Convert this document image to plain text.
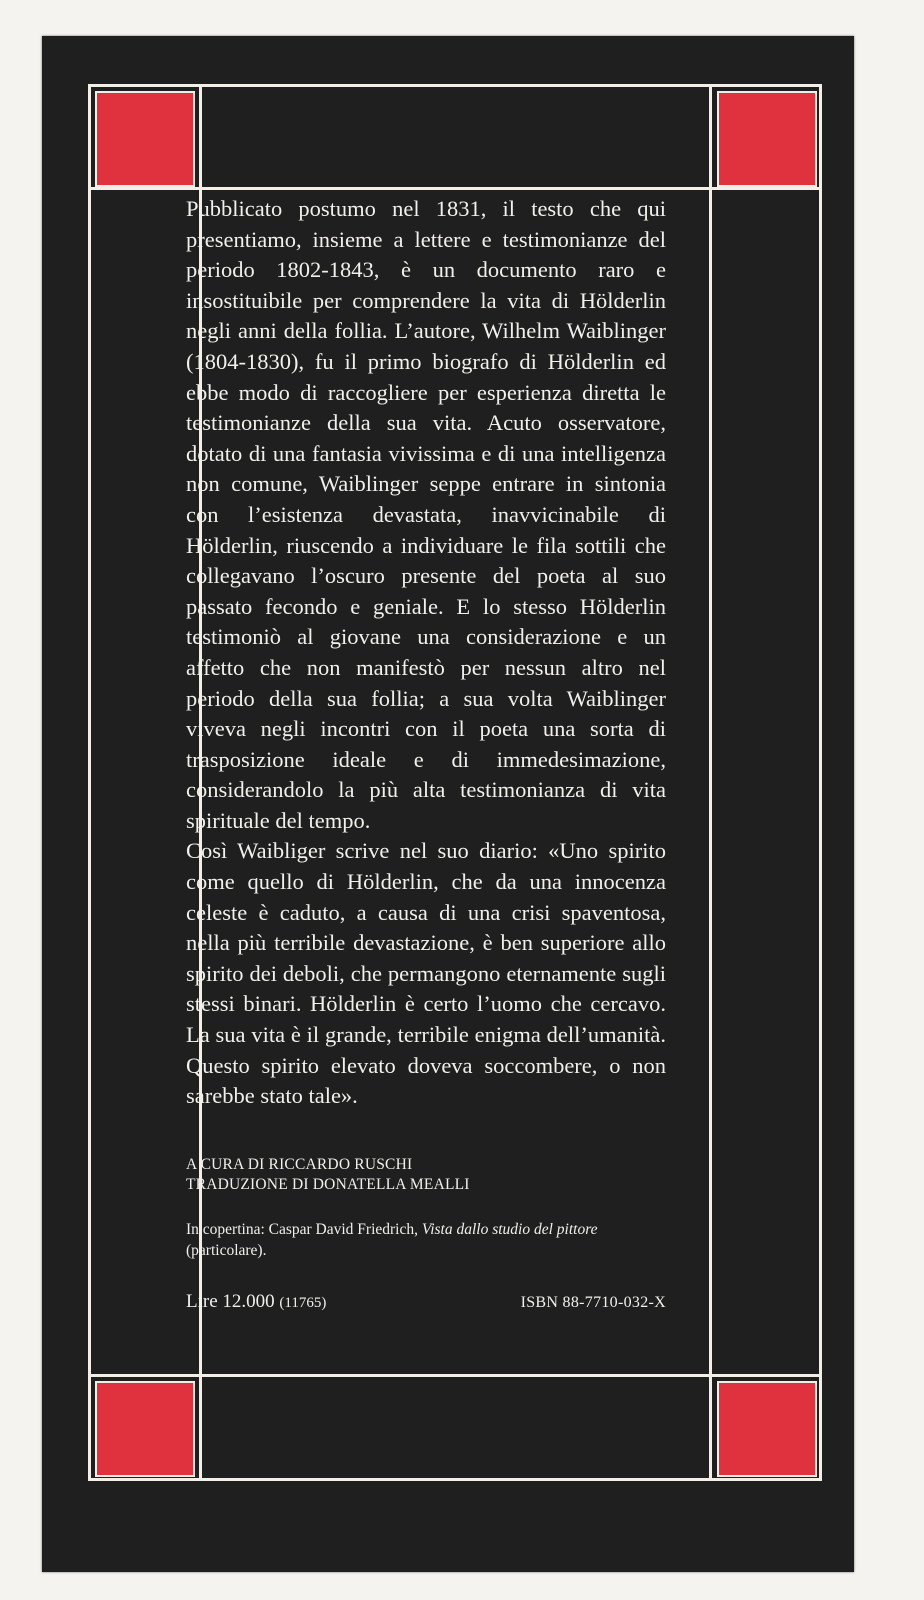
Pubblicato postumo nel 1831, il testo che qui presentiamo, insieme a lettere e testimonianze del periodo 1802-1843, è un documento raro e insostituibile per comprendere la vita di Hölderlin negli anni della follia. L’autore, Wilhelm Waiblinger (1804-1830), fu il primo biografo di Hölderlin ed ebbe modo di raccogliere per esperienza diretta le testimonianze della sua vita. Acuto osservatore, dotato di una fantasia vivissima e di una intelligenza non comune, Waiblinger seppe entrare in sintonia con l’esistenza devastata, inavvicinabile di Hölderlin, riuscendo a individuare le fila sottili che collegavano l’oscuro presente del poeta al suo passato fecondo e geniale. E lo stesso Hölderlin testimoniò al giovane una considerazione e un affetto che non manifestò per nessun altro nel periodo della sua follia; a sua volta Waiblinger viveva negli incontri con il poeta una sorta di trasposizione ideale e di immedesimazione, considerandolo la più alta testimonianza di vita spirituale del tempo.

Così Waibliger scrive nel suo diario: «Uno spirito come quello di Hölderlin, che da una innocenza celeste è caduto, a causa di una crisi spaventosa, nella più terribile devastazione, è ben superiore allo spirito dei deboli, che permangono eternamente sugli stessi binari. Hölderlin è certo l’uomo che cercavo. La sua vita è il grande, terribile enigma dell’umanità. Questo spirito elevato doveva soccombere, o non sarebbe stato tale».

A CURA DI RICCARDO RUSCHI
TRADUZIONE DI DONATELLA MEALLI
In copertina: Caspar David Friedrich, Vista dallo studio del pittore (particolare).
Lire 12.000 (11765)	ISBN 88-7710-032-X
